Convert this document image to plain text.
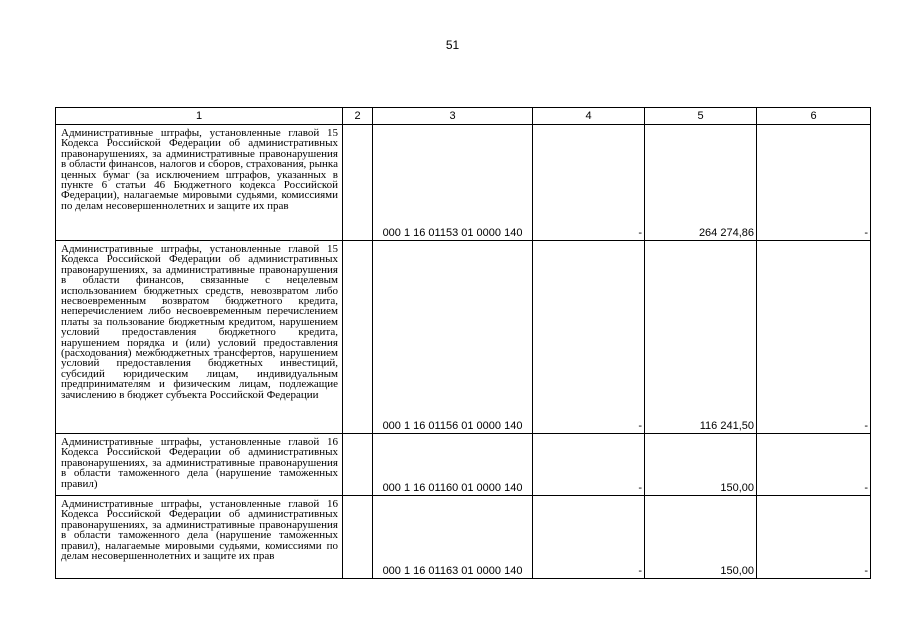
51
1	2	3	4	5	6
Административные штрафы, установленные главой 15 Кодекса Российской Федерации об административных правонарушениях, за административные правонарушения в области финансов, налогов и сборов, страхования, рынка ценных бумаг (за исключением штрафов, указанных в пункте 6 статьи 46 Бюджетного кодекса Российской Федерации), налагаемые мировыми судьями, комиссиями по делам несовершеннолетних и защите их прав		000 1 16 01153 01 0000 140	-	264 274,86	-
Административные штрафы, установленные главой 15 Кодекса Российской Федерации об административных правонарушениях, за административные правонарушения в области финансов, связанные с нецелевым использованием бюджетных средств, невозвратом либо несвоевременным возвратом бюджетного кредита, неперечислением либо несвоевременным перечислением платы за пользование бюджетным кредитом, нарушением условий предоставления бюджетного кредита, нарушением порядка и (или) условий предоставления (расходования) межбюджетных трансфертов, нарушением условий предоставления бюджетных инвестиций, субсидий юридическим лицам, индивидуальным предпринимателям и физическим лицам, подлежащие зачислению в бюджет субъекта Российской Федерации		000 1 16 01156 01 0000 140	-	116 241,50	-
Административные штрафы, установленные главой 16 Кодекса Российской Федерации об административных правонарушениях, за административные правонарушения в области таможенного дела (нарушение таможенных правил)		000 1 16 01160 01 0000 140	-	150,00	-
Административные штрафы, установленные главой 16 Кодекса Российской Федерации об административных правонарушениях, за административные правонарушения в области таможенного дела (нарушение таможенных правил), налагаемые мировыми судьями, комиссиями по делам несовершеннолетних и защите их прав		000 1 16 01163 01 0000 140	-	150,00	-
